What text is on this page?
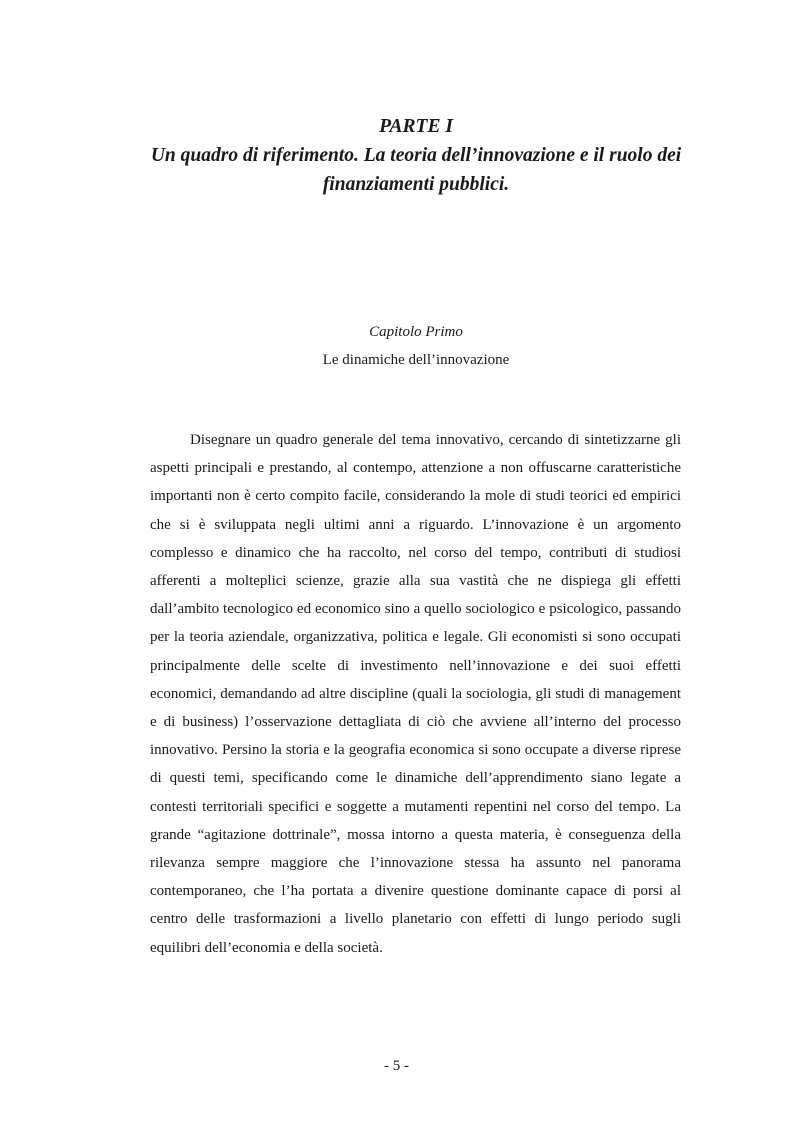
PARTE I
Un quadro di riferimento. La teoria dell’innovazione e il ruolo dei finanziamenti pubblici.
Capitolo Primo
Le dinamiche dell’innovazione

Disegnare un quadro generale del tema innovativo, cercando di sintetizzarne gli aspetti principali e prestando, al contempo, attenzione a non offuscarne caratteristiche importanti non è certo compito facile, considerando la mole di studi teorici ed empirici che si è sviluppata negli ultimi anni a riguardo. L’innovazione è un argomento complesso e dinamico che ha raccolto, nel corso del tempo, contributi di studiosi afferenti a molteplici scienze, grazie alla sua vastità che ne dispiega gli effetti dall’ambito tecnologico ed economico sino a quello sociologico e psicologico, passando per la teoria aziendale, organizzativa, politica e legale. Gli economisti si sono occupati principalmente delle scelte di investimento nell’innovazione e dei suoi effetti economici, demandando ad altre discipline (quali la sociologia, gli studi di management e di business) l’osservazione dettagliata di ciò che avviene all’interno del processo innovativo. Persino la storia e la geografia economica si sono occupate a diverse riprese di questi temi, specificando come le dinamiche dell’apprendimento siano legate a contesti territoriali specifici e soggette a mutamenti repentini nel corso del tempo. La grande “agitazione dottrinale”, mossa intorno a questa materia, è conseguenza della rilevanza sempre maggiore che l’innovazione stessa ha assunto nel panorama contemporaneo, che l’ha portata a divenire questione dominante capace di porsi al centro delle trasformazioni a livello planetario con effetti di lungo periodo sugli equilibri dell’economia e della società.

- 5 -
